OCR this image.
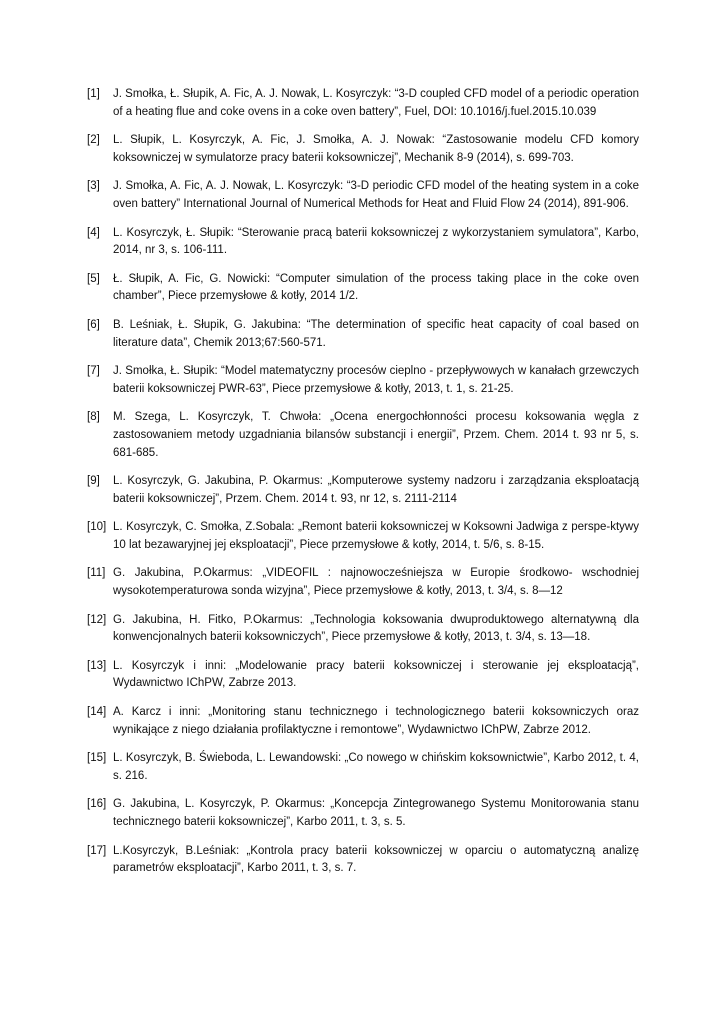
[1]	J. Smołka, Ł. Słupik, A. Fic, A. J. Nowak, L. Kosyrczyk: “3-D coupled CFD model of a periodic operation of a heating flue and coke ovens in a coke oven battery”, Fuel, DOI: 10.1016/j.fuel.2015.10.039
[2]	L. Słupik, L. Kosyrczyk, A. Fic, J. Smołka, A. J. Nowak: “Zastosowanie modelu CFD komory koksowniczej w symulatorze pracy baterii koksowniczej”, Mechanik 8-9 (2014), s. 699-703.
[3]	J. Smołka, A. Fic, A. J. Nowak, L. Kosyrczyk: “3-D periodic CFD model of the heating system in a coke oven battery” International Journal of Numerical Methods for Heat and Fluid Flow 24 (2014), 891-906.
[4]	L. Kosyrczyk, Ł. Słupik: “Sterowanie pracą baterii koksowniczej z wykorzystaniem symulatora”, Karbo, 2014, nr 3, s. 106-111.
[5]	Ł. Słupik, A. Fic, G. Nowicki: “Computer simulation of the process taking place in the coke oven chamber”, Piece przemysłowe & kotły, 2014 1/2.
[6]	B. Leśniak, Ł. Słupik, G. Jakubina: “The determination of specific heat capacity of coal based on literature data”, Chemik 2013;67:560-571.
[7]	J. Smołka, Ł. Słupik: “Model matematyczny procesów cieplno - przepływowych w kanałach grzewczych baterii koksowniczej PWR-63”, Piece przemysłowe & kotły, 2013, t. 1, s. 21-25.
[8]	M. Szega, L. Kosyrczyk, T. Chwoła: „Ocena energochłonności procesu koksowania węgla z zastosowaniem metody uzgadniania bilansów substancji i energii”, Przem. Chem. 2014 t. 93 nr 5, s. 681-685.
[9]	L. Kosyrczyk, G. Jakubina, P. Okarmus: „Komputerowe systemy nadzoru i zarządzania eksploatacją baterii koksowniczej”, Przem. Chem. 2014 t. 93, nr 12, s. 2111-2114
[10] L. Kosyrczyk, C. Smołka, Z.Sobala: „Remont baterii koksowniczej w Koksowni Jadwiga z perspe-ktywy 10 lat bezawaryjnej jej eksploatacji”, Piece przemysłowe & kotły, 2014, t. 5/6, s. 8-15.
[11] G. Jakubina, P.Okarmus: „VIDEOFIL : najnowocześniejsza w Europie środkowo- wschodniej wysokotemperaturowa sonda wizyjna”, Piece przemysłowe & kotły, 2013, t. 3/4, s. 8—12
[12] G. Jakubina, H. Fitko, P.Okarmus: „Technologia koksowania dwuproduktowego alternatywną dla konwencjonalnych baterii koksowniczych”, Piece przemysłowe & kotły, 2013, t. 3/4, s. 13—18.
[13] L. Kosyrczyk i inni: „Modelowanie pracy baterii koksowniczej i sterowanie jej eksploatacją”, Wydawnictwo IChPW, Zabrze 2013.
[14] A. Karcz i inni: „Monitoring stanu technicznego i technologicznego baterii koksowniczych oraz wynikające z niego działania profilaktyczne i remontowe”, Wydawnictwo IChPW, Zabrze 2012.
[15] L. Kosyrczyk, B. Świeboda, L. Lewandowski: „Co nowego w chińskim koksownictwie”, Karbo 2012, t. 4, s. 216.
[16] G. Jakubina, L. Kosyrczyk, P. Okarmus: „Koncepcja Zintegrowanego Systemu Monitorowania stanu technicznego baterii koksowniczej”, Karbo 2011, t. 3, s. 5.
[17] L.Kosyrczyk, B.Leśniak: „Kontrola pracy baterii koksowniczej w oparciu o automatyczną analizę parametrów eksploatacji”, Karbo 2011, t. 3, s. 7.
